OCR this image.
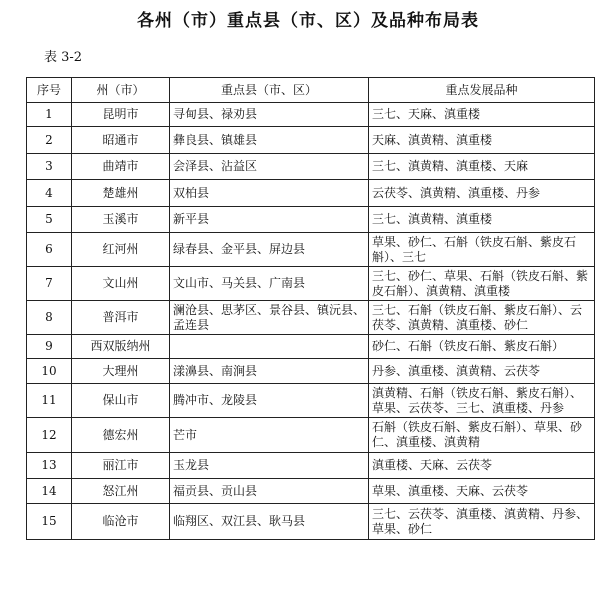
各州（市）重点县（市、区）及品种布局表
表 3-2
序号	州（市）	重点县（市、区）	重点发展品种
1	昆明市	寻甸县、禄劝县	三七、天麻、滇重楼
2	昭通市	彝良县、镇雄县	天麻、滇黄精、滇重楼
3	曲靖市	会泽县、沾益区	三七、滇黄精、滇重楼、天麻
4	楚雄州	双柏县	云茯苓、滇黄精、滇重楼、丹参
5	玉溪市	新平县	三七、滇黄精、滇重楼
6	红河州	绿春县、金平县、屏边县	草果、砂仁、石斛（铁皮石斛、紫皮石斛）、三七
7	文山州	文山市、马关县、广南县	三七、砂仁、草果、石斛（铁皮石斛、紫皮石斛）、滇黄精、滇重楼
8	普洱市	澜沧县、思茅区、景谷县、镇沅县、孟连县	三七、石斛（铁皮石斛、紫皮石斛）、云茯苓、滇黄精、滇重楼、砂仁
9	西双版纳州		砂仁、石斛（铁皮石斛、紫皮石斛）
10	大理州	漾濞县、南涧县	丹参、滇重楼、滇黄精、云茯苓
11	保山市	腾冲市、龙陵县	滇黄精、石斛（铁皮石斛、紫皮石斛）、草果、云茯苓、三七、滇重楼、丹参
12	德宏州	芒市	石斛（铁皮石斛、紫皮石斛）、草果、砂仁、滇重楼、滇黄精
13	丽江市	玉龙县	滇重楼、天麻、云茯苓
14	怒江州	福贡县、贡山县	草果、滇重楼、天麻、云茯苓
15	临沧市	临翔区、双江县、耿马县	三七、云茯苓、滇重楼、滇黄精、丹参、草果、砂仁
